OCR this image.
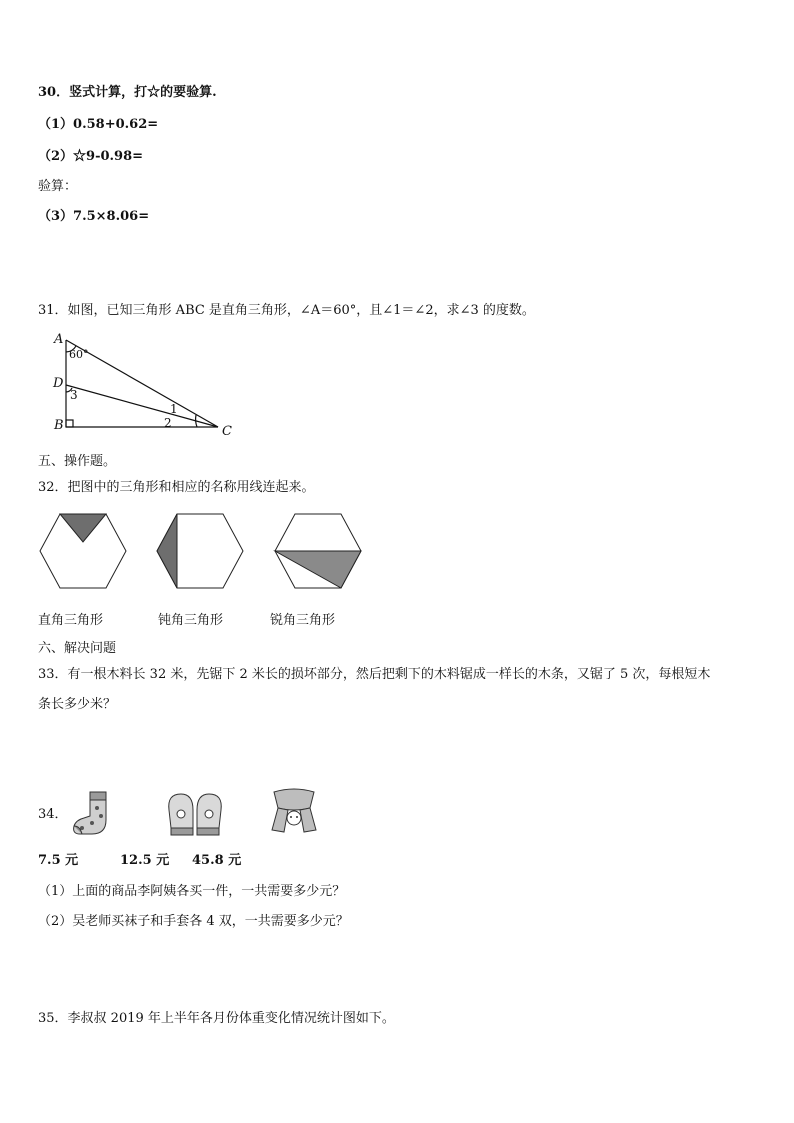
30．竖式计算，打☆的要验算.
（1）0.58+0.62=
（2）☆9-0.98=
验算：
（3）7.5×8.06=
31．如图，已知三角形 ABC 是直角三角形，∠A＝60°，且∠1＝∠2，求∠3 的度数。
A
60°
D
3
B
1
2
C
五、操作题。
32．把图中的三角形和相应的名称用线连起来。
直角三角形	钝角三角形	锐角三角形
六、解决问题
33．有一根木料长 32 米，先锯下 2 米长的损坏部分，然后把剩下的木料锯成一样长的木条，又锯了 5 次，每根短木
条长多少米？
34．
7.5 元	12.5 元 45.8 元
（1）上面的商品李阿姨各买一件，一共需要多少元？
（2）吴老师买袜子和手套各 4 双，一共需要多少元？
35．李叔叔 2019 年上半年各月份体重变化情况统计图如下。
